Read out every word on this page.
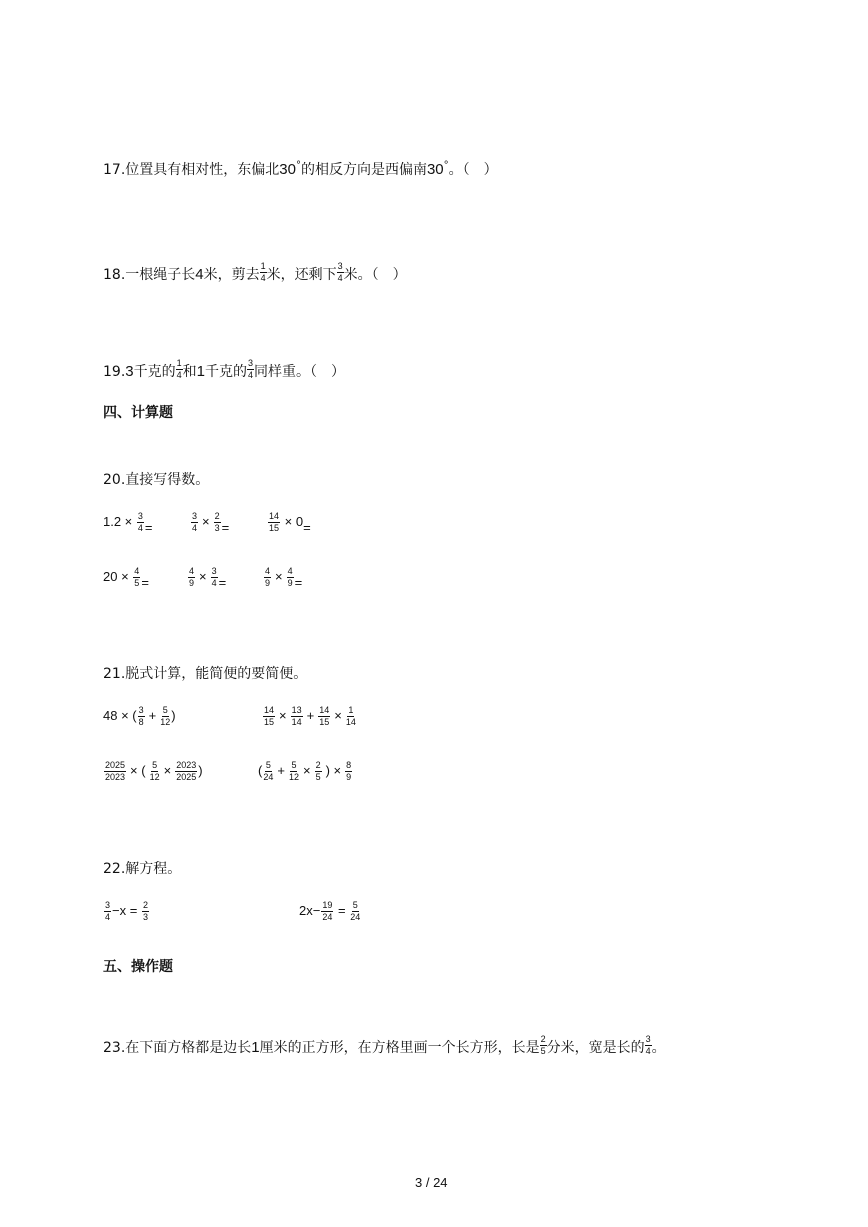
17.位置具有相对性，东偏北30°的相反方向是西偏南30°。（　）
18.一根绳子长4米，剪去 $\frac{1}{4}$ 米，还剩下 $\frac{3}{4}$ 米。（　）
19.3千克的 $\frac{1}{4}$ 和1千克的 $\frac{3}{4}$ 同样重。（　）
四、计算题
20.直接写得数。
$1.2 \times \frac{3}{4}$ =	$\frac{3}{4} \times \frac{2}{3}$ =	$\frac{14}{15} \times 0=$
$20 \times \frac{4}{5}$ =	$\frac{4}{9} \times \frac{3}{4}$ =	$\frac{4}{9} \times \frac{4}{9}$ =
21.脱式计算，能简便的要简便。
48 × ( $\frac{3}{8} + \frac{5}{12}$ )	$\frac{14}{15} \times \frac{13}{14} + \frac{14}{15} \times \frac{1}{14}$
$\frac{2025}{2023}$ × ( $\frac{5}{12} \times \frac{2023}{2025}$ )	( $\frac{5}{24} + \frac{5}{12} \times \frac{2}{5}$ ) × $\frac{8}{9}$
22.解方程。
$\frac{3}{4} -x = \frac{2}{3}$	$2x- \frac{19}{24} = \frac{5}{24}$
五、操作题
23.在下面方格都是边长1厘米的正方形，在方格里画一个长方形，长是 $\frac{2}{5}$ 分米，宽是长的 $\frac{3}{4}$ 。
3 / 24
